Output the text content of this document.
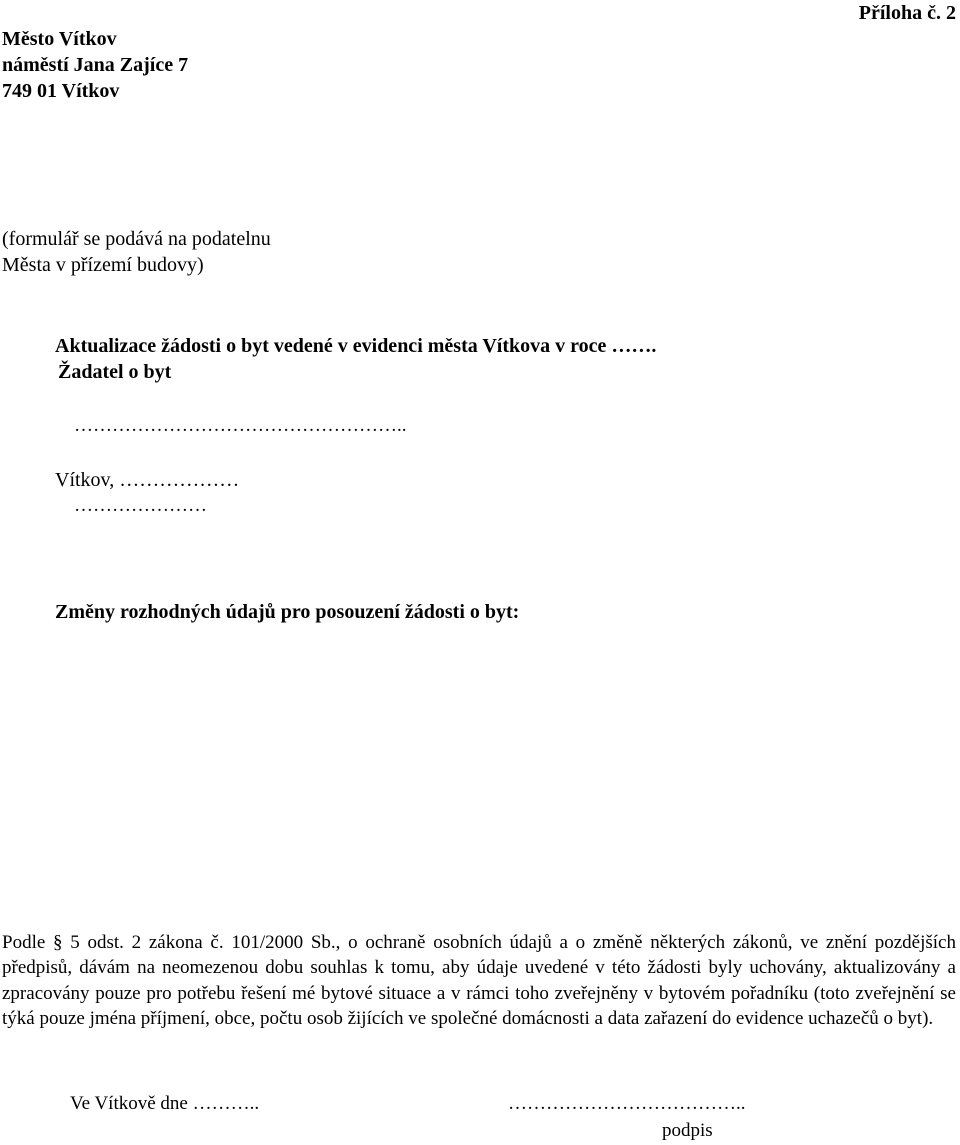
Město Vítkov
náměstí Jana Zajíce 7
749 01 Vítkov
Příloha č. 2
(formulář se podává na podatelnu
Města v přízemí budovy)
Aktualizace žádosti o byt vedené v evidenci města Vítkova v roce …….
Žadatel o byt
……………………………………………..
Vítkov, ………………
…………………
Změny rozhodných údajů pro posouzení žádosti o byt:
Podle § 5 odst. 2 zákona č. 101/2000 Sb., o ochraně osobních údajů a o změně některých zákonů, ve znění pozdějších předpisů, dávám na neomezenou dobu souhlas k tomu, aby údaje uvedené v této žádosti byly uchovány, aktualizovány a zpracovány pouze pro potřebu řešení mé bytové situace a v rámci toho zveřejněny v bytovém pořadníku (toto zveřejnění se týká pouze jména příjmení, obce, počtu osob žijících ve společné domácnosti a data zařazení do evidence uchazečů o byt).
Ve Vítkově dne ………..	………………………………..
podpis
